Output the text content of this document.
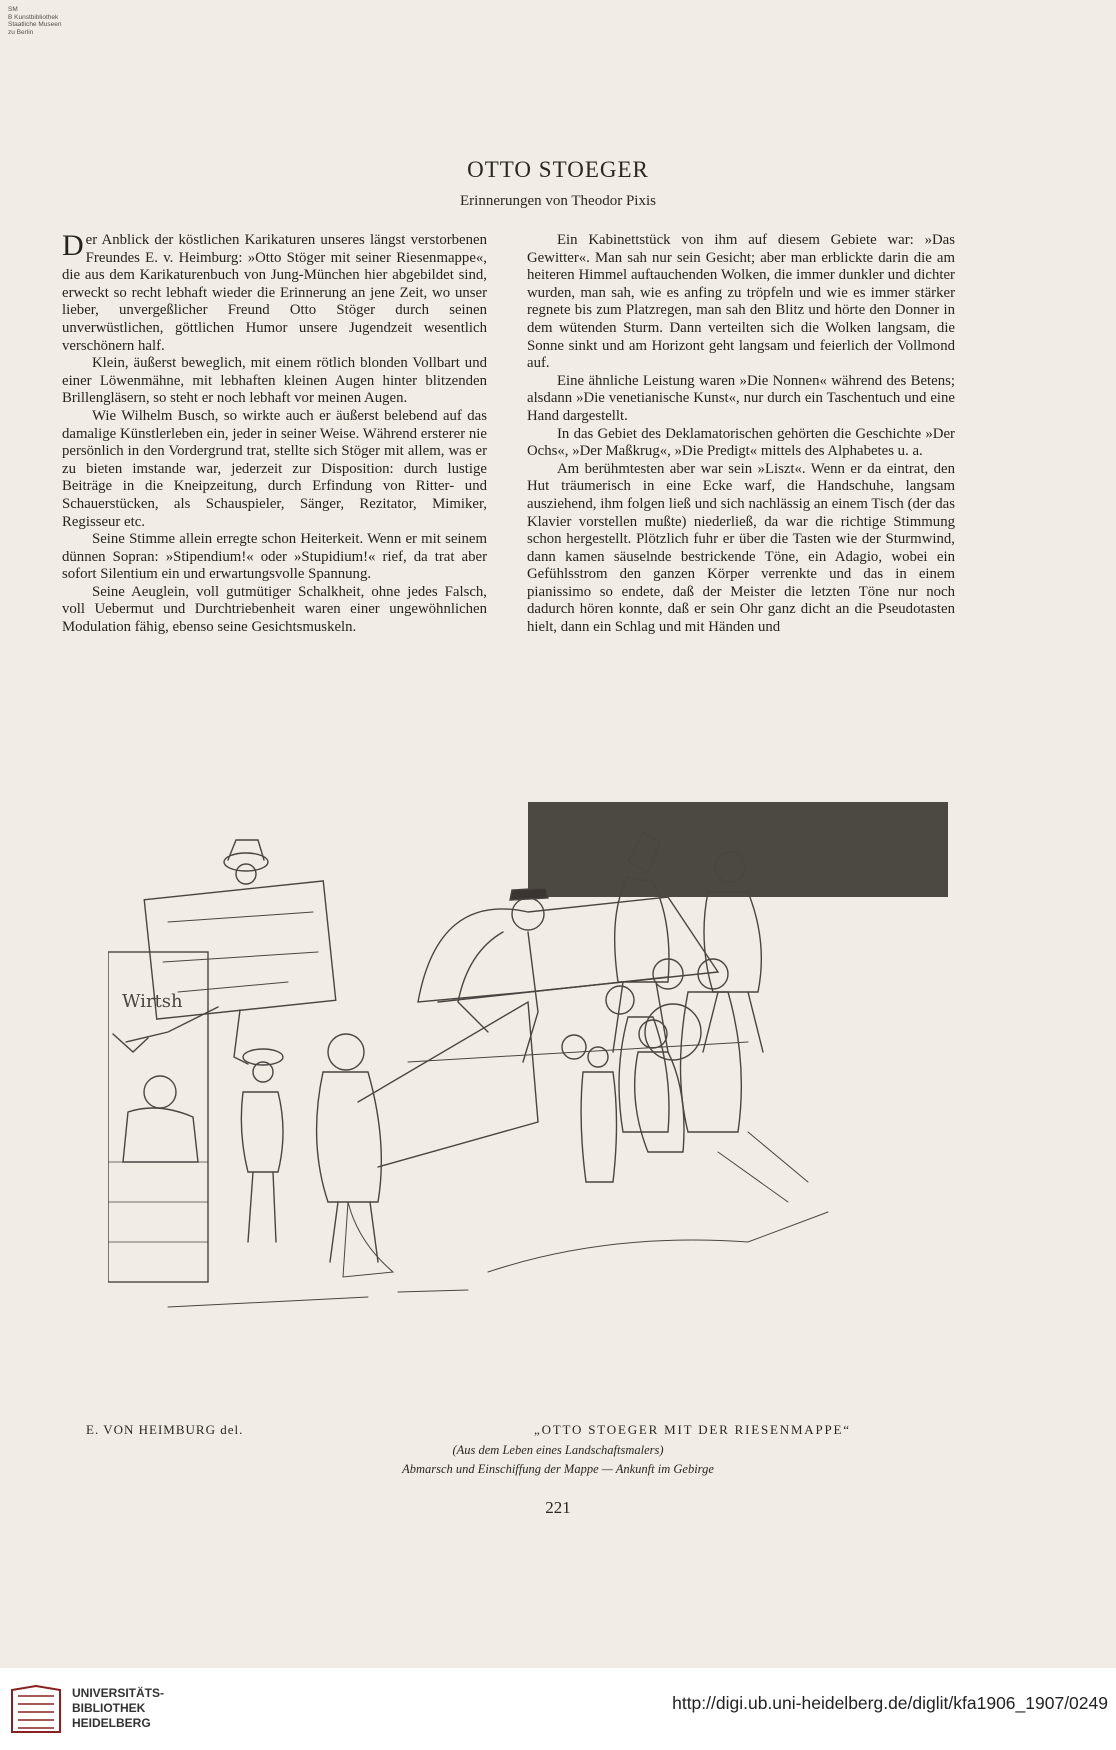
SM
B Kunstbibliothek
Staatliche Museen
zu Berlin
OTTO STOEGER
Erinnerungen von Theodor Pixis

Der Anblick der köstlichen Karikaturen unseres längst verstorbenen Freundes E. v. Heimburg: »Otto Stöger mit seiner Riesenmappe«, die aus dem Karikaturenbuch von Jung-München hier abgebildet sind, erweckt so recht lebhaft wieder die Erinnerung an jene Zeit, wo unser lieber, unvergeßlicher Freund Otto Stöger durch seinen unverwüstlichen, göttlichen Humor unsere Jugendzeit wesentlich verschönern half.

Klein, äußerst beweglich, mit einem rötlich blonden Vollbart und einer Löwenmähne, mit lebhaften kleinen Augen hinter blitzenden Brillengläsern, so steht er noch lebhaft vor meinen Augen.

Wie Wilhelm Busch, so wirkte auch er äußerst belebend auf das damalige Künstlerleben ein, jeder in seiner Weise. Während ersterer nie persönlich in den Vordergrund trat, stellte sich Stöger mit allem, was er zu bieten imstande war, jederzeit zur Disposition: durch lustige Beiträge in die Kneipzeitung, durch Erfindung von Ritter- und Schauerstücken, als Schauspieler, Sänger, Rezitator, Mimiker, Regisseur etc.

Seine Stimme allein erregte schon Heiterkeit. Wenn er mit seinem dünnen Sopran: »Stipendium!« oder »Stupidium!« rief, da trat aber sofort Silentium ein und erwartungsvolle Spannung.

Seine Aeuglein, voll gutmütiger Schalkheit, ohne jedes Falsch, voll Uebermut und Durchtriebenheit waren einer ungewöhnlichen Modulation fähig, ebenso seine Gesichtsmuskeln.

Ein Kabinettstück von ihm auf diesem Gebiete war: »Das Gewitter«. Man sah nur sein Gesicht; aber man erblickte darin die am heiteren Himmel auftauchenden Wolken, die immer dunkler und dichter wurden, man sah, wie es anfing zu tröpfeln und wie es immer stärker regnete bis zum Platzregen, man sah den Blitz und hörte den Donner in dem wütenden Sturm. Dann verteilten sich die Wolken langsam, die Sonne sinkt und am Horizont geht langsam und feierlich der Vollmond auf.

Eine ähnliche Leistung waren »Die Nonnen« während des Betens; alsdann »Die venetianische Kunst«, nur durch ein Taschentuch und eine Hand dargestellt.

In das Gebiet des Deklamatorischen gehörten die Geschichte »Der Ochs«, »Der Maßkrug«, »Die Predigt« mittels des Alphabetes u. a.

Am berühmtesten aber war sein »Liszt«. Wenn er da eintrat, den Hut träumerisch in eine Ecke warf, die Handschuhe, langsam ausziehend, ihm folgen ließ und sich nachlässig an einem Tisch (der das Klavier vorstellen mußte) niederließ, da war die richtige Stimmung schon hergestellt. Plötzlich fuhr er über die Tasten wie der Sturmwind, dann kamen säuselnde bestrickende Töne, ein Adagio, wobei ein Gefühlsstrom den ganzen Körper verrenkte und das in einem pianissimo so endete, daß der Meister die letzten Töne nur noch dadurch hören konnte, daß er sein Ohr ganz dicht an die Pseudotasten hielt, dann ein Schlag und mit Händen und

Wirtsh
E. VON HEIMBURG del.	„OTTO STOEGER MIT DER RIESENMAPPE“
(Aus dem Leben eines Landschaftsmalers)
Abmarsch und Einschiffung der Mappe — Ankunft im Gebirge
221
UNIVERSITÄTS-
BIBLIOTHEK
HEIDELBERG
http://digi.ub.uni-heidelberg.de/diglit/kfa1906_1907/0249
